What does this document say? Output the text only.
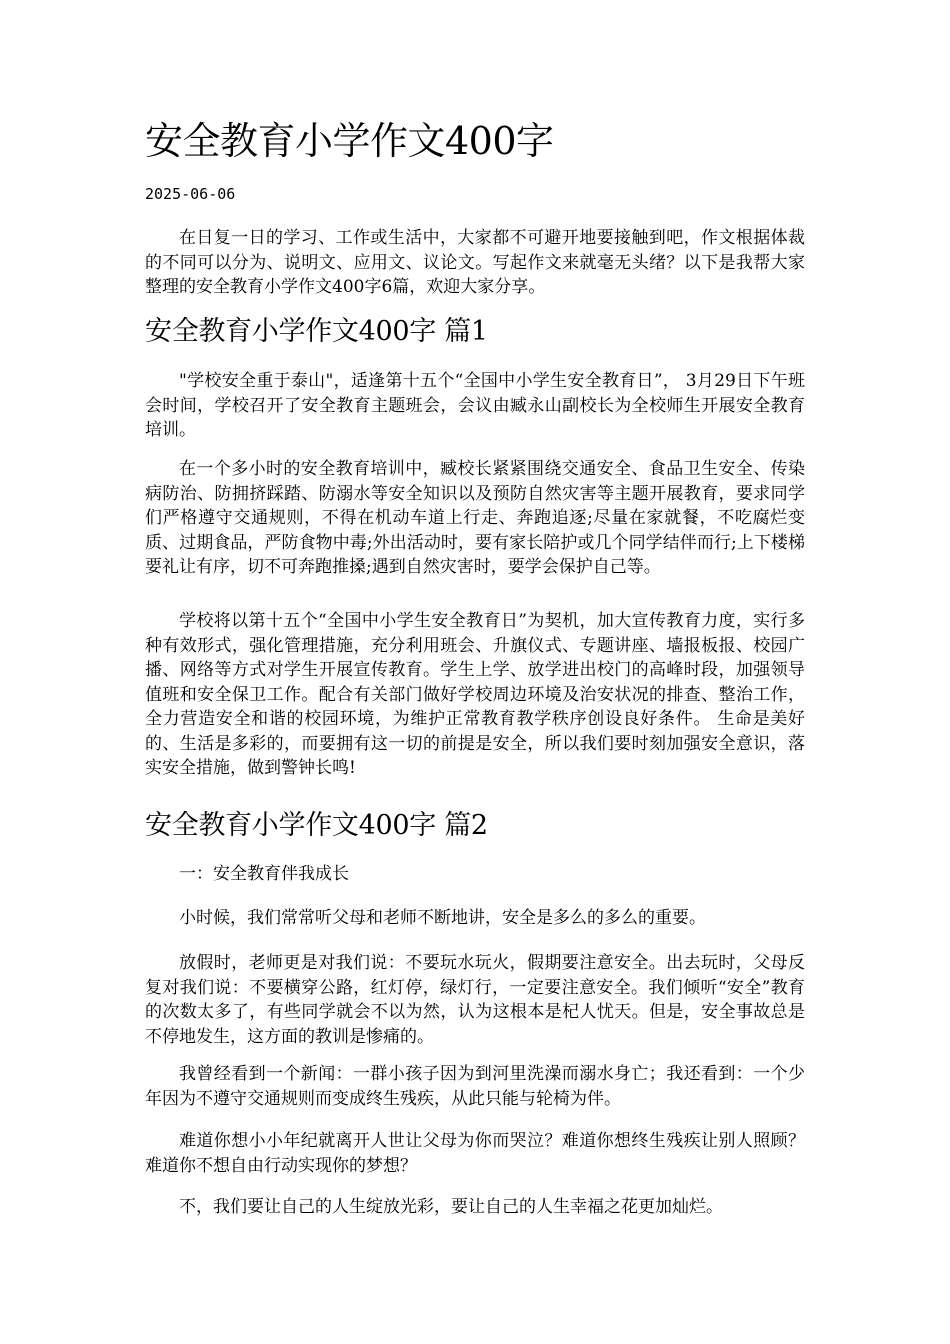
安全教育小学作文400字
2025-06-06

在日复一日的学习、工作或生活中，大家都不可避开地要接触到吧，作文根据体裁的不同可以分为、说明文、应用文、议论文。写起作文来就毫无头绪？以下是我帮大家整理的安全教育小学作文400字6篇，欢迎大家分享。

安全教育小学作文400字 篇1

"学校安全重于泰山"，适逢第十五个“全国中小学生安全教育日”， 3月29日下午班会时间，学校召开了安全教育主题班会，会议由臧永山副校长为全校师生开展安全教育培训。

在一个多小时的安全教育培训中，臧校长紧紧围绕交通安全、食品卫生安全、传染病防治、防拥挤踩踏、防溺水等安全知识以及预防自然灾害等主题开展教育，要求同学们严格遵守交通规则，不得在机动车道上行走、奔跑追逐;尽量在家就餐，不吃腐烂变质、过期食品，严防食物中毒;外出活动时，要有家长陪护或几个同学结伴而行;上下楼梯要礼让有序，切不可奔跑推搡;遇到自然灾害时，要学会保护自己等。

学校将以第十五个“全国中小学生安全教育日”为契机，加大宣传教育力度，实行多种有效形式，强化管理措施，充分利用班会、升旗仪式、专题讲座、墙报板报、校园广播、网络等方式对学生开展宣传教育。学生上学、放学进出校门的高峰时段，加强领导值班和安全保卫工作。配合有关部门做好学校周边环境及治安状况的排查、整治工作，全力营造安全和谐的校园环境，为维护正常教育教学秩序创设良好条件。 生命是美好的、生活是多彩的，而要拥有这一切的前提是安全，所以我们要时刻加强安全意识，落实安全措施，做到警钟长鸣!

安全教育小学作文400字 篇2

一：安全教育伴我成长

小时候，我们常常听父母和老师不断地讲，安全是多么的多么的重要。

放假时，老师更是对我们说：不要玩水玩火，假期要注意安全。出去玩时，父母反复对我们说：不要横穿公路，红灯停，绿灯行，一定要注意安全。我们倾听“安全”教育的次数太多了，有些同学就会不以为然，认为这根本是杞人忧天。但是，安全事故总是不停地发生，这方面的教训是惨痛的。

我曾经看到一个新闻：一群小孩子因为到河里洗澡而溺水身亡；我还看到：一个少年因为不遵守交通规则而变成终生残疾，从此只能与轮椅为伴。

难道你想小小年纪就离开人世让父母为你而哭泣？难道你想终生残疾让别人照顾？难道你不想自由行动实现你的梦想？

不，我们要让自己的人生绽放光彩，要让自己的人生幸福之花更加灿烂。
